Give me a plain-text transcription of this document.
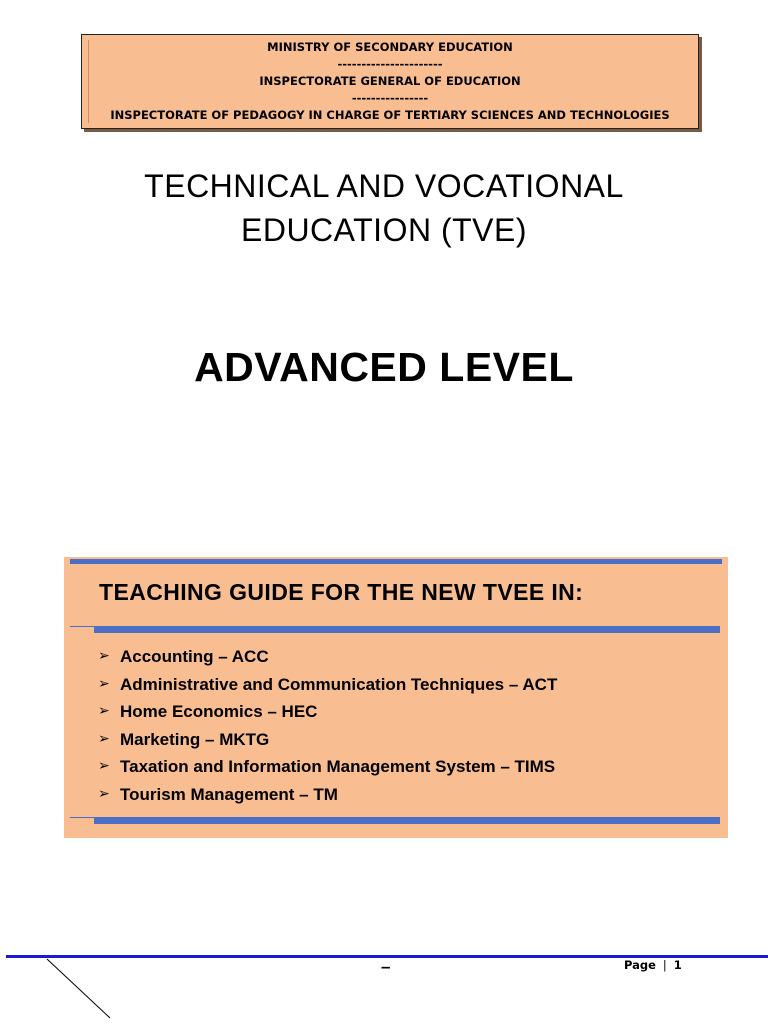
MINISTRY OF SECONDARY EDUCATION
----------------------
INSPECTORATE GENERAL OF EDUCATION
----------------
INSPECTORATE OF PEDAGOGY IN CHARGE OF TERTIARY SCIENCES AND TECHNOLOGIES
TECHNICAL AND VOCATIONAL
EDUCATION (TVE)
ADVANCED LEVEL
TEACHING GUIDE FOR THE NEW TVEE IN:
➢ Accounting – ACC
➢ Administrative and Communication Techniques – ACT
➢ Home Economics – HEC
➢ Marketing – MKTG
➢ Taxation and Information Management System – TIMS
➢ Tourism Management – TM
–	Page | 1
